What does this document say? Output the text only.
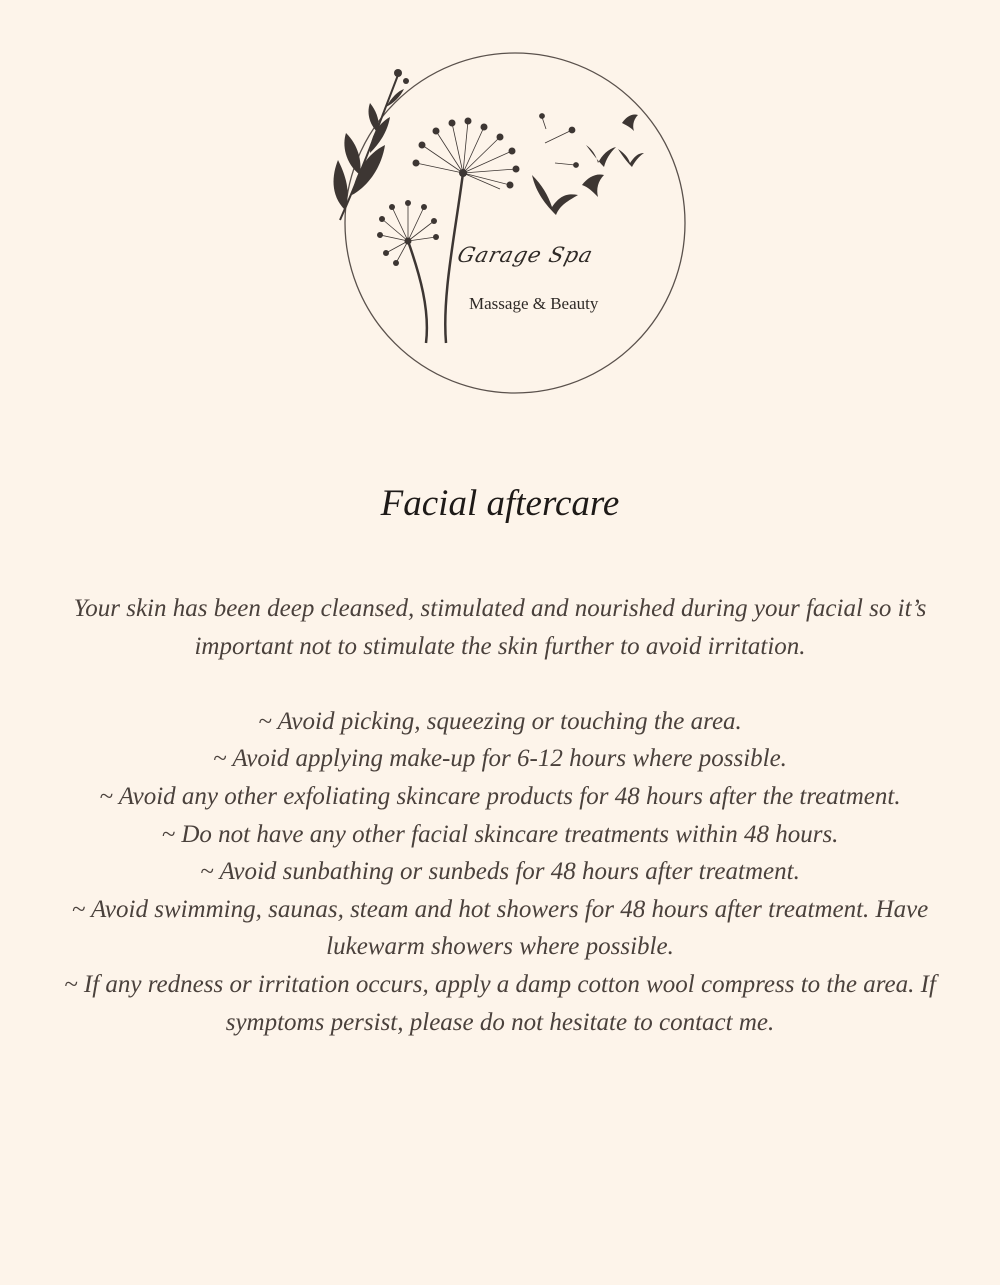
Garage Spa
Massage & Beauty
Facial aftercare

Your skin has been deep cleansed, stimulated and nourished during your facial so it’s important not to stimulate the skin further to avoid irritation.

~ Avoid picking, squeezing or touching the area.
~ Avoid applying make-up for 6-12 hours where possible.
~ Avoid any other exfoliating skincare products for 48 hours after the treatment.
~ Do not have any other facial skincare treatments within 48 hours.
~ Avoid sunbathing or sunbeds for 48 hours after treatment.
~ Avoid swimming, saunas, steam and hot showers for 48 hours after treatment. Have lukewarm showers where possible.
~ If any redness or irritation occurs, apply a damp cotton wool compress to the area. If symptoms persist, please do not hesitate to contact me.
